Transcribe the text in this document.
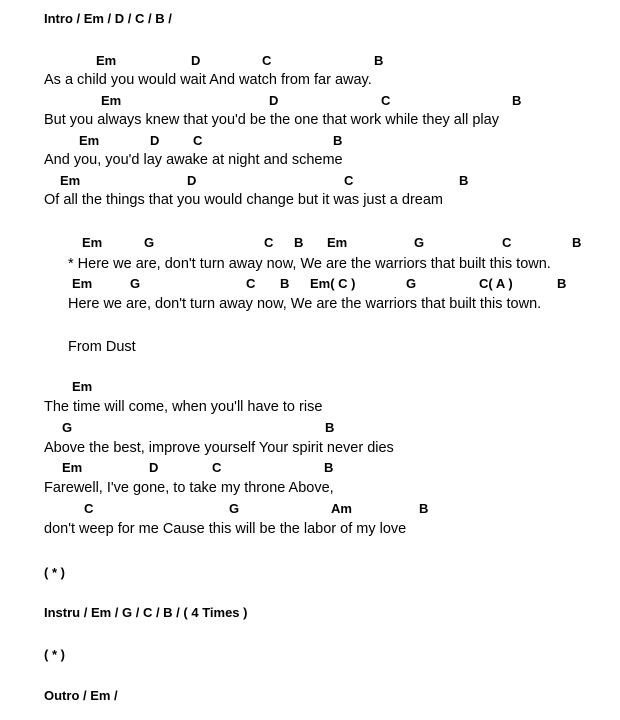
Intro / Em / D / C / B /
Em	D	C	B
As a child you would wait And watch from far away.
Em	D	C	B
But you always knew that you'd be the one that work while they all play
Em	D	C	B
And you, you'd lay awake at night and scheme
Em	D	C	B
Of all the things that you would change but it was just a dream
Em	G	C B Em	G	C	B
* Here we are, don't turn away now, We are the warriors that built this town.
Em	G	C B Em( C )	G	C( A )	B
Here we are, don't turn away now, We are the warriors that built this town.
From Dust
Em
The time will come, when you'll have to rise
G	B
Above the best, improve yourself Your spirit never dies
Em	D	C	B
Farewell, I've gone, to take my throne Above,
C	G	Am	B
don't weep for me Cause this will be the labor of my love
( * )
Instru / Em / G / C / B / ( 4 Times )
( * )
Outro / Em /
